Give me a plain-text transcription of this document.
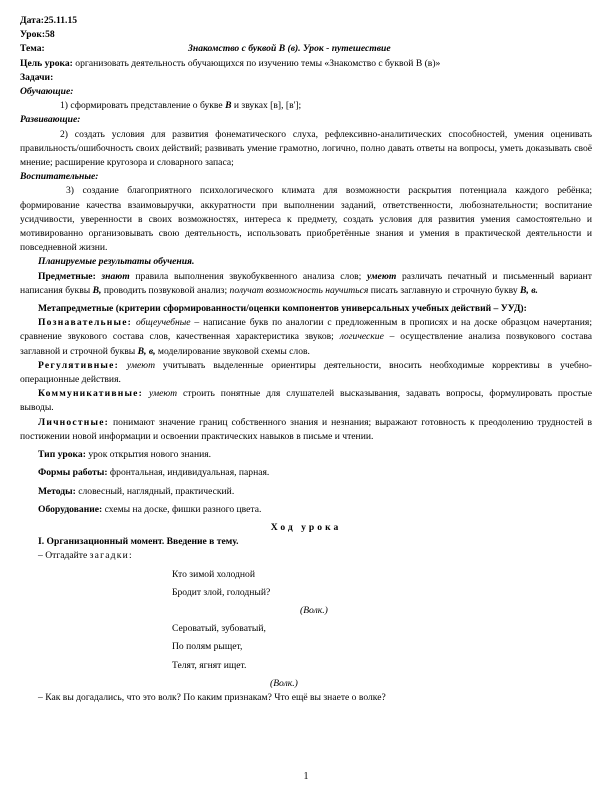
Дата:25.11.15

Урок:58

Тема:	Знакомство с буквой В (в). Урок - путешествие

Цель урока: организовать деятельность обучающихся по изучению темы «Знакомство с буквой В (в)»

Задачи:

Обучающие:

1) сформировать представление о букве В и звуках [в], [в'];

Развивающие:

2) создать условия для развития фонематического слуха, рефлексивно-аналитических способностей, умения оценивать правильность/ошибочность своих действий; развивать умение грамотно, логично, полно давать ответы на вопросы, уметь доказывать своё мнение; расширение кругозора и словарного запаса;

Воспитательные:

3) создание благоприятного психологического климата для возможности раскрытия потенциала каждого ребёнка; формирование качества взаимовыручки, аккуратности при выполнении заданий, ответственности, любознательности; воспитание усидчивости, уверенности в своих возможностях, интереса к предмету, создать условия для развития умения самостоятельно и мотивированно организовывать свою деятельность, использовать приобретённые знания и умения в практической деятельности и повседневной жизни.

Планируемые результаты обучения.

Предметные: знают правила выполнения звукобуквенного анализа слов; умеют различать печатный и письменный вариант написания буквы В, проводить позвуковой анализ; получат возможность научиться писать заглавную и строчную букву В, в.

Метапредметные (критерии сформированности/оценки компонентов универсальных учебных действий – УУД):

Познавательные: общеучебные – написание букв по аналогии с предложенным в прописях и на доске образцом начертания; сравнение звукового состава слов, качественная характеристика звуков; логические – осуществление анализа позвукового состава заглавной и строчной буквы В, в, моделирование звуковой схемы слов.

Регулятивные: умеют учитывать выделенные ориентиры деятельности, вносить необходимые коррективы в учебно-операционные действия.

Коммуникативные: умеют строить понятные для слушателей высказывания, задавать вопросы, формулировать простые выводы.

Личностные: понимают значение границ собственного знания и незнания; выражают готовность к преодолению трудностей в постижении новой информации и освоении практических навыков в письме и чтении.

Тип урока: урок открытия нового знания.

Формы работы: фронтальная, индивидуальная, парная.

Методы: словесный, наглядный, практический.

Оборудование: схемы на доске, фишки разного цвета.

Ход урока

I. Организационный момент. Введение в тему.

– Отгадайте загадки:

Кто зимой холодной

Бродит злой, голодный?

(Волк.)

Сероватый, зубоватый,

По полям рыщет,

Телят, ягнят ищет.

(Волк.)

– Как вы догадались, что это волк? По каким признакам? Что ещё вы знаете о волке?

1
